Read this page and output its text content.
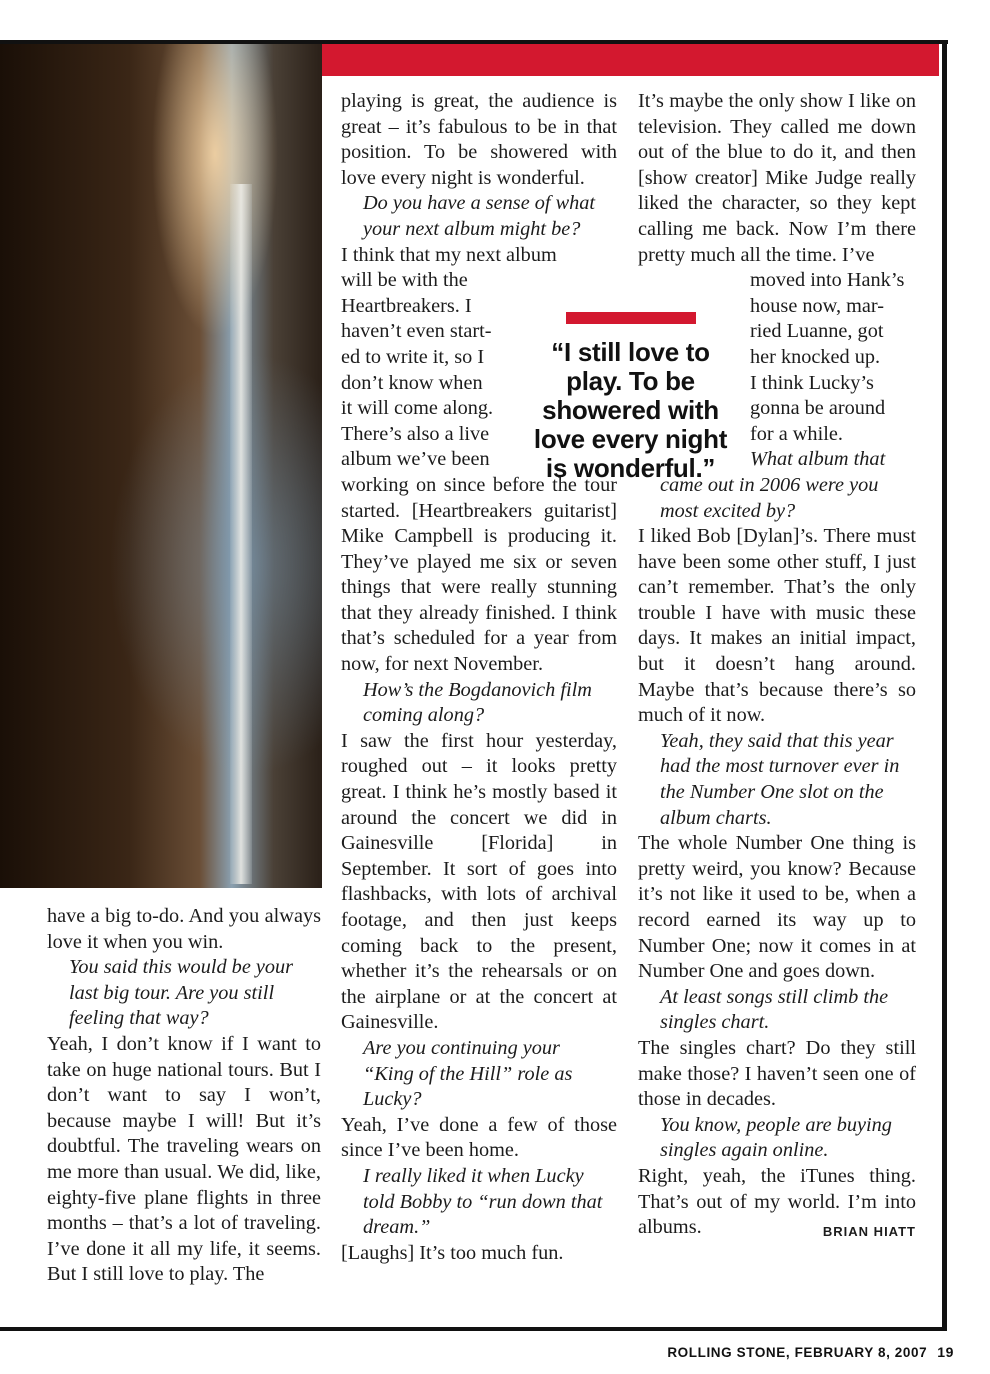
have a big to-do. And you always love it when you win.

You said this would be your last big tour. Are you still feeling that way?

Yeah, I don’t know if I want to take on huge national tours. But I don’t want to say I won’t, because maybe I will! But it’s doubtful. The traveling wears on me more than usual. We did, like, eighty-five plane flights in three months – that’s a lot of traveling. I’ve done it all my life, it seems. But I still love to play. The

playing is great, the audience is great – it’s fabulous to be in that position. To be showered with love every night is wonderful.

Do you have a sense of what your next album might be?

I think that my next album

will be with the

Heartbreakers. I

haven’t even start-

ed to write it, so I

don’t know when

it will come along.

There’s also a live

album we’ve been

working on since before the tour started. [Heartbreakers guitarist] Mike Campbell is producing it. They’ve played me six or seven things that were really stunning that they already finished. I think that’s scheduled for a year from now, for next November.

How’s the Bogdanovich film coming along?

I saw the first hour yesterday, roughed out – it looks pretty great. I think he’s mostly based it around the concert we did in Gainesville [Florida] in September. It sort of goes into flashbacks, with lots of archival footage, and then just keeps coming back to the present, whether it’s the rehearsals or on the airplane or at the concert at Gainesville.

Are you continuing your “King of the Hill” role as Lucky?

Yeah, I’ve done a few of those since I’ve been home.

I really liked it when Lucky told Bobby to “run down that dream.”

[Laughs] It’s too much fun.

It’s maybe the only show I like on television. They called me down out of the blue to do it, and then [show creator] Mike Judge really liked the character, so they kept calling me back. Now I’m there pretty much all the time. I’ve

moved into Hank’s

house now, mar-

ried Luanne, got

her knocked up.

I think Lucky’s

gonna be around

for a while.

What album that

came out in 2006 were you most excited by?

I liked Bob [Dylan]’s. There must have been some other stuff, I just can’t remember. That’s the only trouble I have with music these days. It makes an initial impact, but it doesn’t hang around. Maybe that’s because there’s so much of it now.

Yeah, they said that this year had the most turnover ever in the Number One slot on the album charts.

The whole Number One thing is pretty weird, you know? Because it’s not like it used to be, when a record earned its way up to Number One; now it comes in at Number One and goes down.

At least songs still climb the singles chart.

The singles chart? Do they still make those? I haven’t seen one of those in decades.

You know, people are buying singles again online.

Right, yeah, the iTunes thing. That’s out of my world. I’m into albums.	BRIAN HIATT

“I still love to play. To be showered with love every night is wonderful.”
ROLLING STONE, FEBRUARY 8, 2007 19
